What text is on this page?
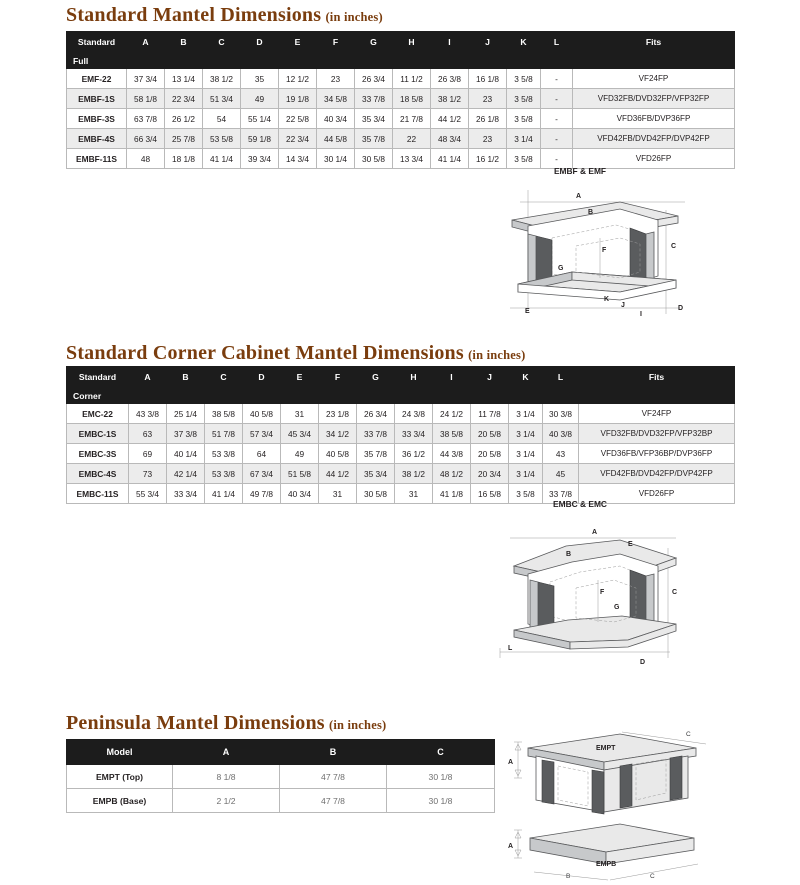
Standard Mantel Dimensions (in inches)
Standard	A	B	C	D	E	F	G	H	I	J	K	L	Fits
Full													
EMF-22	37 3/4	13 1/4	38 1/2	35	12 1/2	23	26 3/4	11 1/2	26 3/8	16 1/8	3 5/8	-	VF24FP
EMBF-1S	58 1/8	22 3/4	51 3/4	49	19 1/8	34 5/8	33 7/8	18 5/8	38 1/2	23	3 5/8	-	VFD32FB/DVD32FP/VFP32FP
EMBF-3S	63 7/8	26 1/2	54	55 1/4	22 5/8	40 3/4	35 3/4	21 7/8	44 1/2	26 1/8	3 5/8	-	VFD36FB/DVP36FP
EMBF-4S	66 3/4	25 7/8	53 5/8	59 1/8	22 3/4	44 5/8	35 7/8	22	48 3/4	23	3 1/4	-	VFD42FB/DVD42FP/DVP42FP
EMBF-11S	48	18 1/8	41 1/4	39 3/4	14 3/4	30 1/4	30 5/8	13 3/4	41 1/4	16 1/2	3 5/8	-	VFD26FP
EMBF & EMF
A
B
F
C
G
K
J
E	I
D
Standard Corner Cabinet Mantel Dimensions (in inches)
Standard	A	B	C	D	E	F	G	H	I	J	K	L	Fits
Corner													
EMC-22	43 3/8	25 1/4	38 5/8	40 5/8	31	23 1/8	26 3/4	24 3/8	24 1/2	11 7/8	3 1/4	30 3/8	VF24FP
EMBC-1S	63	37 3/8	51 7/8	57 3/4	45 3/4	34 1/2	33 7/8	33 3/4	38 5/8	20 5/8	3 1/4	40 3/8	VFD32FB/DVD32FP/VFP32BP
EMBC-3S	69	40 1/4	53 3/8	64	49	40 5/8	35 7/8	36 1/2	44 3/8	20 5/8	3 1/4	43	VFD36FB/VFP36BP/DVP36FP
EMBC-4S	73	42 1/4	53 3/8	67 3/4	51 5/8	44 1/2	35 3/4	38 1/2	48 1/2	20 3/4	3 1/4	45	VFD42FB/DVD42FP/DVP42FP
EMBC-11S	55 3/4	33 3/4	41 1/4	49 7/8	40 3/4	31	30 5/8	31	41 1/8	16 5/8	3 5/8	33 7/8	VFD26FP
EMBC & EMC
A
E
B
F	C
G
L
D
Peninsula Mantel Dimensions (in inches)
Model	A	B	C
EMPT (Top)	8 1/8	47 7/8	30 1/8
EMPB (Base)	2 1/2	47 7/8	30 1/8
A
EMPT
C
A
EMPB
B	C
